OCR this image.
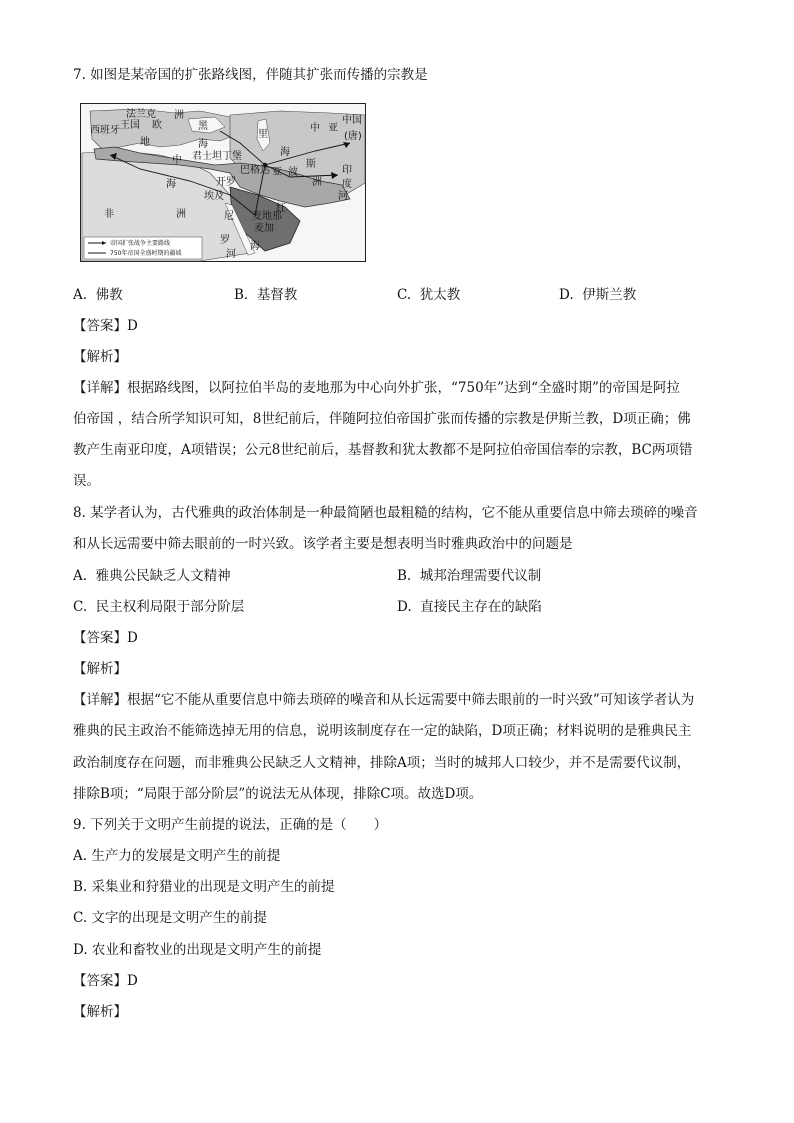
7. 如图是某帝国的扩张路线图，伴随其扩张而传播的宗教是
法兰克 洲
王国 欧
西班牙
地
中
海
黑
海
君士坦丁堡
里
海
中 亚
中国
(唐)
巴格达 亚 波
斯
印
度
洲
河
开罗
埃及
非	洲	尼
罗
河
麦地那
麦加
红
海
帝国扩张战争主要路线
750年帝国全盛时期的疆域
A. 佛教	B. 基督教	C. 犹太教	D. 伊斯兰教
【答案】D
【解析】
【详解】根据路线图，以阿拉伯半岛的麦地那为中心向外扩张，“750年”达到“全盛时期”的帝国是阿拉
伯帝国 ，结合所学知识可知，8世纪前后，伴随阿拉伯帝国扩张而传播的宗教是伊斯兰教，D项正确；佛
教产生南亚印度，A项错误；公元8世纪前后，基督教和犹太教都不是阿拉伯帝国信奉的宗教，BC两项错
误。
8. 某学者认为，古代雅典的政治体制是一种最简陋也最粗糙的结构，它不能从重要信息中筛去琐碎的噪音
和从长远需要中筛去眼前的一时兴致。该学者主要是想表明当时雅典政治中的问题是
A. 雅典公民缺乏人文精神	B. 城邦治理需要代议制
C. 民主权利局限于部分阶层	D. 直接民主存在的缺陷
【答案】D
【解析】
【详解】根据“它不能从重要信息中筛去琐碎的噪音和从长远需要中筛去眼前的一时兴致”可知该学者认为
雅典的民主政治不能筛选掉无用的信息，说明该制度存在一定的缺陷，D项正确；材料说明的是雅典民主
政治制度存在问题，而非雅典公民缺乏人文精神，排除A项；当时的城邦人口较少，并不是需要代议制，
排除B项；“局限于部分阶层”的说法无从体现，排除C项。故选D项。
9. 下列关于文明产生前提的说法，正确的是（　　）
A. 生产力的发展是文明产生的前提
B. 采集业和狩猎业的出现是文明产生的前提
C. 文字的出现是文明产生的前提
D. 农业和畜牧业的出现是文明产生的前提
【答案】D
【解析】
